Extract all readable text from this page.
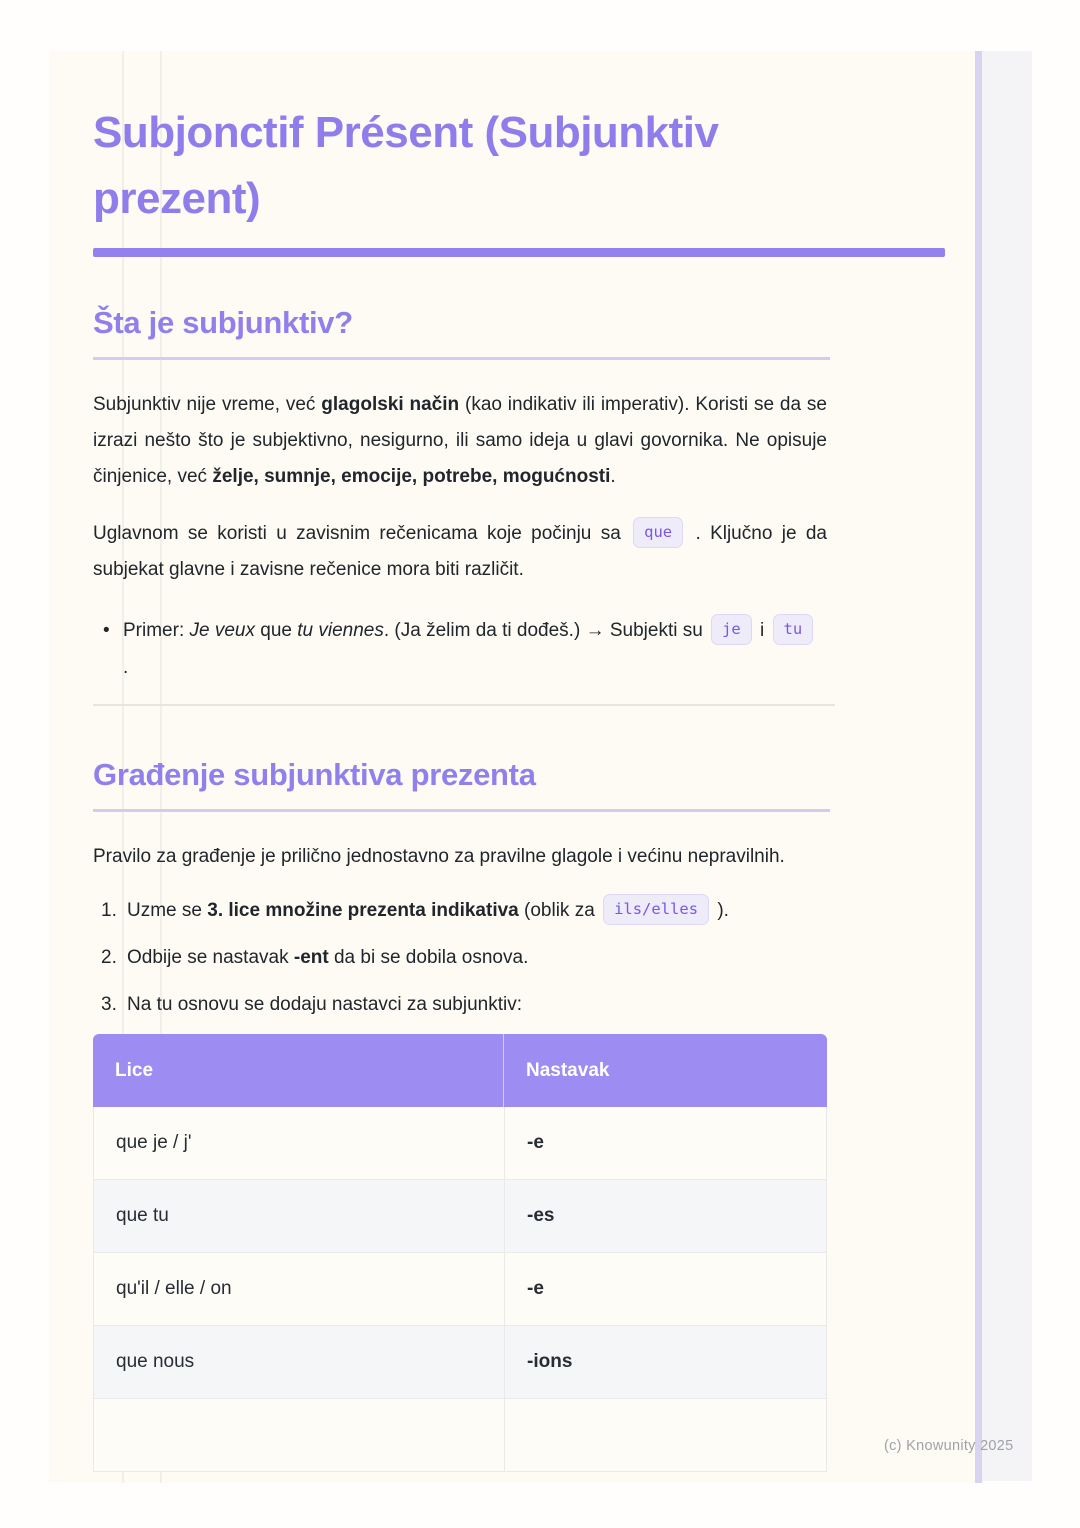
Subjonctif Présent (Subjunktiv prezent)
Šta je subjunktiv?

Subjunktiv nije vreme, već glagolski način (kao indikativ ili imperativ). Koristi se da se izrazi nešto što je subjektivno, nesigurno, ili samo ideja u glavi govornika. Ne opisuje činjenice, već želje, sumnje, emocije, potrebe, mogućnosti.

Uglavnom se koristi u zavisnim rečenicama koje počinju sa que . Ključno je da subjekat glavne i zavisne rečenice mora biti različit.

• Primer: Je veux que tu viennes. (Ja želim da ti dođeš.) → Subjekti su je i tu .
Građenje subjunktiva prezenta

Pravilo za građenje je prilično jednostavno za pravilne glagole i većinu nepravilnih.

1. Uzme se 3. lice množine prezenta indikativa (oblik za ils/elles ).
2. Odbije se nastavak -ent da bi se dobila osnova.
3. Na tu osnovu se dodaju nastavci za subjunktiv:
Lice	Nastavak
que je / j'	-e
que tu	-es
qu'il / elle / on	-e
que nous	-ions
(c) Knowunity 2025
